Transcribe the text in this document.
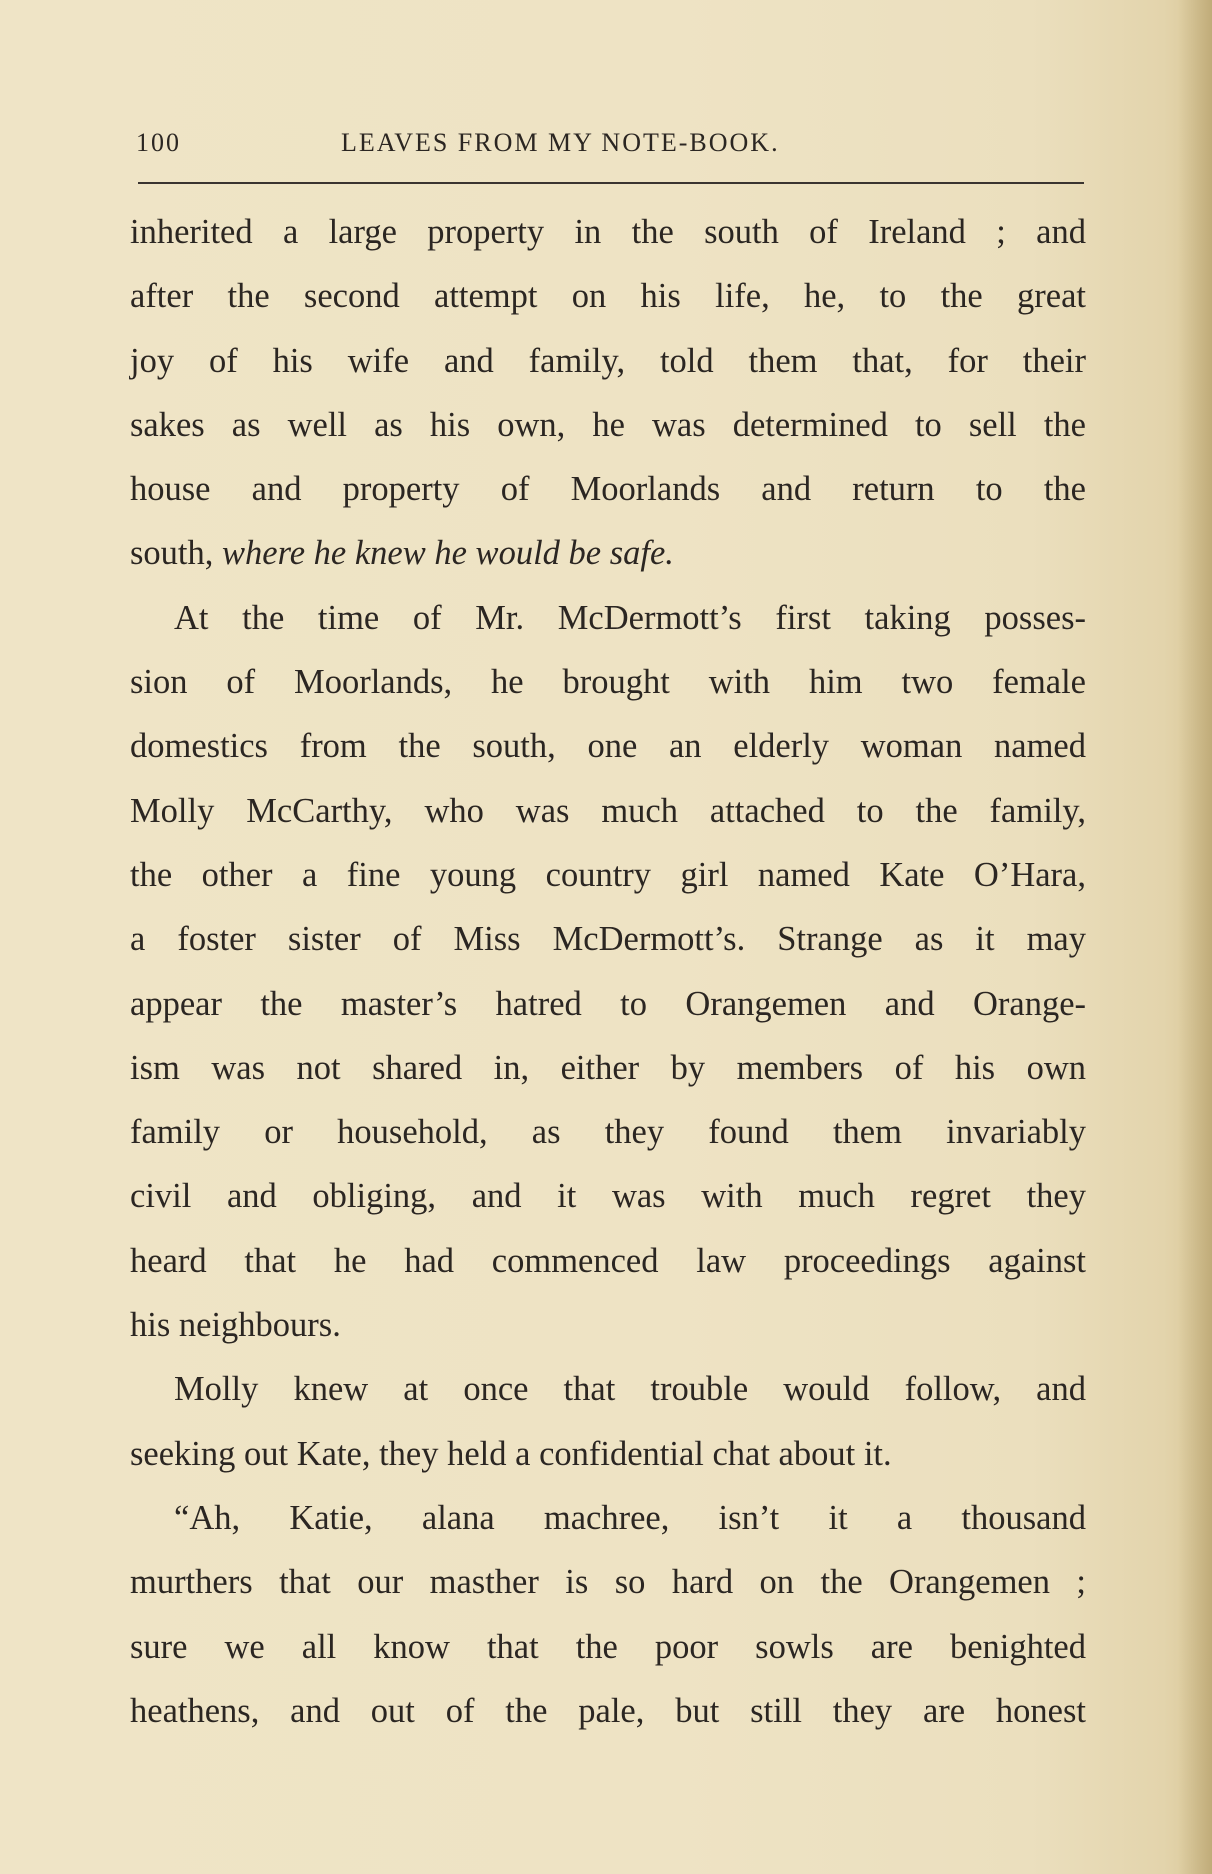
100	LEAVES FROM MY NOTE-BOOK.
inherited a large property in the south of Ireland ; and
after the second attempt on his life, he, to the great
joy of his wife and family, told them that, for their
sakes as well as his own, he was determined to sell the
house and property of Moorlands and return to the
south, where he knew he would be safe.
At the time of Mr. McDermott’s first taking posses-
sion of Moorlands, he brought with him two female
domestics from the south, one an elderly woman named
Molly McCarthy, who was much attached to the family,
the other a fine young country girl named Kate O’Hara,
a foster sister of Miss McDermott’s. Strange as it may
appear the master’s hatred to Orangemen and Orange-
ism was not shared in, either by members of his own
family or household, as they found them invariably
civil and obliging, and it was with much regret they
heard that he had commenced law proceedings against
his neighbours.
Molly knew at once that trouble would follow, and
seeking out Kate, they held a confidential chat about it.
“Ah, Katie, alana machree, isn’t it a thousand
murthers that our masther is so hard on the Orangemen ;
sure we all know that the poor sowls are benighted
heathens, and out of the pale, but still they are honest
